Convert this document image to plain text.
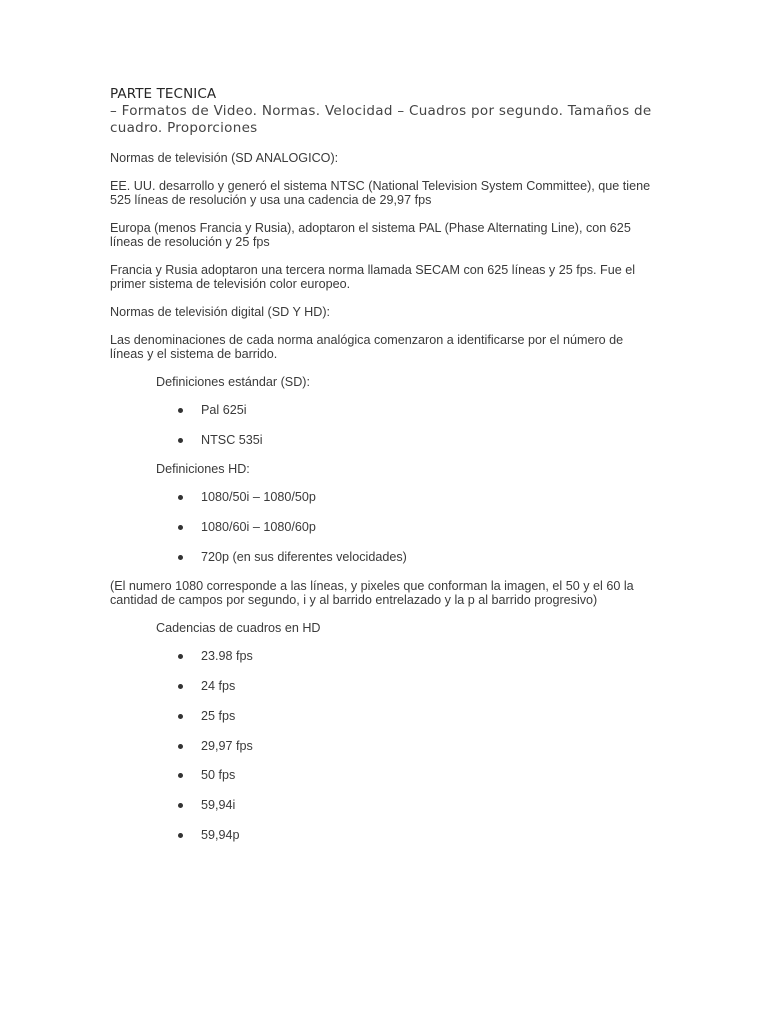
PARTE TECNICA
– Formatos de Video. Normas. Velocidad – Cuadros por segundo. Tamaños de cuadro. Proporciones

Normas de televisión (SD ANALOGICO):

EE. UU. desarrollo y generó el sistema NTSC (National Television System Committee), que tiene 525 líneas de resolución y usa una cadencia de 29,97 fps

Europa (menos Francia y Rusia), adoptaron el sistema PAL (Phase Alternating Line), con 625 líneas de resolución y 25 fps

Francia y Rusia adoptaron una tercera norma llamada SECAM con 625 líneas y 25 fps. Fue el primer sistema de televisión color europeo.

Normas de televisión digital (SD Y HD):

Las denominaciones de cada norma analógica comenzaron a identificarse por el número de líneas y el sistema de barrido.

Definiciones estándar (SD):

Pal 625i
NTSC 535i

Definiciones HD:

1080/50i – 1080/50p
1080/60i – 1080/60p
720p (en sus diferentes velocidades)

(El numero 1080 corresponde a las líneas, y pixeles que conforman la imagen, el 50 y el 60 la cantidad de campos por segundo, i y al barrido entrelazado y la p al barrido progresivo)

Cadencias de cuadros en HD

23.98 fps
24 fps
25 fps
29,97 fps
50 fps
59,94i
59,94p
